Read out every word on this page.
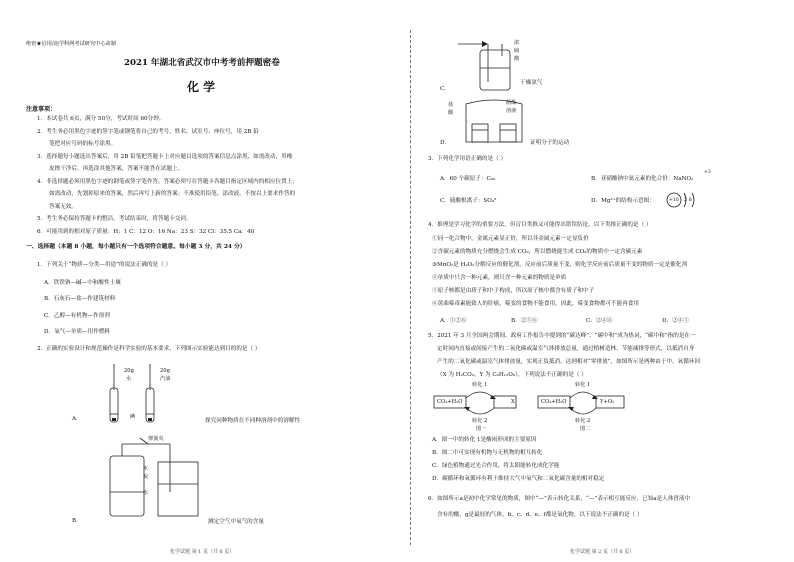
绝密★启用前|学科网考试研究中心命制
2021 年湖北省武汉市中考考前押题密卷
化 学
注意事项：
1．本试卷共 6页，满分 50分，考试时间 60分钟。
2．考生务必用黑色字迹的签字笔或钢笔将自己的考号、姓名、试室号、座位号，用 2B 铅
笔把对应号码的标号涂黑。
3．选择题每小题选出答案后，用 2B 铅笔把答题卡上对应题目选项的答案信息点涂黑，如需改动，用橡
皮擦干净后，再选涂其他答案，答案不能答在试题上。
4．非选择题必须用黑色字迹的钢笔或签字笔作答，答案必须写在答题卡各题目指定区域内的相应位置上；
如需改动，先划掉原来的答案，然后再写上新的答案；不准使用铅笔、涂改液。不按以上要求作答的
答案无效。
5．考生务必保持答题卡的整洁，考试结束时，将答题卡交回。
6．可能用到的相对原子质量：H：1 C：12 O：16 Na：23 S：32 Cl：35.5 Ca：40
一、选择题（本题 8 小题，每小题只有一个选项符合题意。每小题 3 分，共 24 分）
1．下列关于“物质—分类—用途”的说法正确的是（ ）
A．铁铁钠—碱—中和酸性土壤
B．石灰石—盐—作建筑材料
C．乙醇—有机物—作溶剂
D．氧气—单质—用作燃料
2．正确的实验设计和规范操作是科学实验的基本要求，下列图示实验能达到目的的是（ ）
20g
水
20g
汽油
A．	碘
探究同种物质在不同种溶剂中的溶解性
弹簧夹
木
炭
水
B．	测定空气中氧气的含量
化学试题 第 1 页（共 6 页）
浓
硫
酸
C．
干燥氨气
盐
酸
酚酞
溶液
D．	证明分子的运动
3．下列化学用语正确的是（ ）
A．60 个碳原子：C₆₀	B．亚硝酸钠中氮元素的化合价：NaNO₂
+3
C．硫酸根离子：SO₄²	D．Mg²⁺的结构示意图：	+10 2 8
4．推理是学习化学的重要方法，但盲目类推又可能得出错误结论，以下类推正确的是（ ）
①同一化合物中，金属元素显正价，所以非金属元素一定显负价
②含碳元素的物质充分燃烧会生成 CO₂，所以燃烧能生成 CO₂的物质中一定含碳元素
③MnO₂是 H₂O₂分解反应的催化剂，反应前后质量不变，则化学反应前后质量不变的物质一定是催化剂
④单质中只含一种元素，则只含一种元素的物质是单质
⑤原子核都是由质子和中子构成，所以原子核中都含有质子和中子
⑥黄曲霉毒素能致人的肝癌，霉变的食物不能食用，因此，霉变食物都可不能再食用
A．①②⑥	B．②⑤⑥	C．②④⑥	D．②④⑤
5．2021 年 3 月全国两会期间，政府工作报告中提到的“碳达峰”、“碳中和”成为热词，“碳中和”指的是在一
定时间内直接或间接产生的二氧化碳或温室气体排放总量，通过植树造林、节能减排等形式，以抵消自身
产生的二氧化碳或温室气体排放量，实现正负抵消，达到相对“零排放”，如图所示是两种由于中，氧循环回
（X 为 H₂CO₃，Y 为 C₆H₁₂O₆），下列说法不正确的是（ ）
CO₂+H₂O	X
转化 1
转化 2
图一
CO₂+H₂O	Y+O₂
转化 1
转化 2
图二
A．图一中的转化 1是酸雨形成的主要原因
B．图二中可实现有机物与无机物的相互转化
C．绿色植物通过光合作用，将太阳能转化成化学能
D．碳循环和氧循环有利于维持大气中氧气和二氧化碳含量的相对稳定
6．如图所示a是初中化学常见的物质，图中“—”表示转化关系，“—”表示相互能反应，已知a是人体胃液中
含有的酸，g是最轻的气体，b、c、d、e、f都是氧化物，以下说法不正确的是（ ）
化学试题 第 2 页（共 6 页）
